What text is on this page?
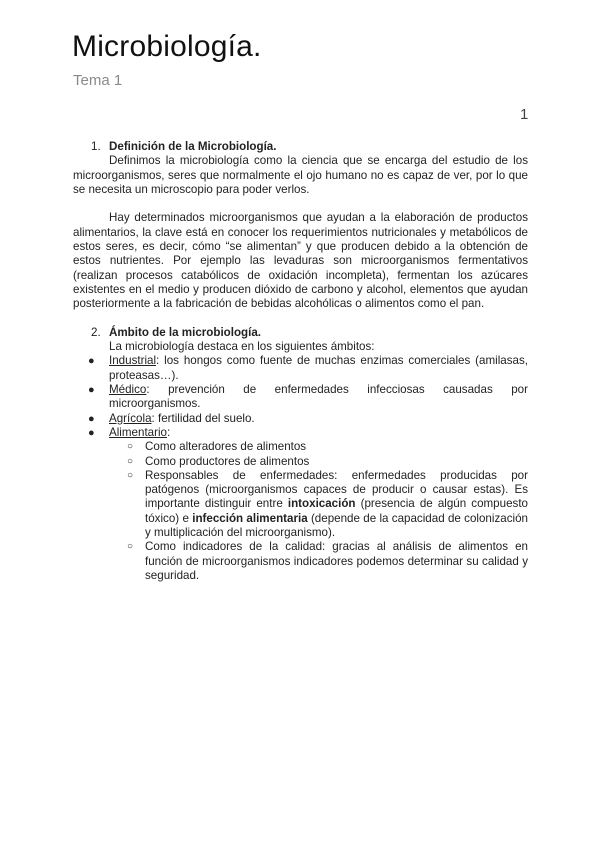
Microbiología.
Tema 1
1
1. Definición de la Microbiología.

Definimos la microbiología como la ciencia que se encarga del estudio de los microorganismos, seres que normalmente el ojo humano no es capaz de ver, por lo que se necesita un microscopio para poder verlos.

Hay determinados microorganismos que ayudan a la elaboración de productos alimentarios, la clave está en conocer los requerimientos nutricionales y metabólicos de estos seres, es decir, cómo “se alimentan” y que producen debido a la obtención de estos nutrientes. Por ejemplo las levaduras son microorganismos fermentativos (realizan procesos catabólicos de oxidación incompleta), fermentan los azúcares existentes en el medio y producen dióxido de carbono y alcohol, elementos que ayudan posteriormente a la fabricación de bebidas alcohólicas o alimentos como el pan.

2. Ámbito de la microbiología.

La microbiología destaca en los siguientes ámbitos:

● Industrial: los hongos como fuente de muchas enzimas comerciales (amilasas, proteasas…).
● Médico: prevención de enfermedades infecciosas causadas por microorganismos.
● Agrícola: fertilidad del suelo.
● Alimentario:
○ Como alteradores de alimentos
○ Como productores de alimentos
○ Responsables de enfermedades: enfermedades producidas por patógenos (microorganismos capaces de producir o causar estas). Es importante distinguir entre intoxicación (presencia de algún compuesto tóxico) e infección alimentaria (depende de la capacidad de colonización y multiplicación del microorganismo).
○ Como indicadores de la calidad: gracias al análisis de alimentos en función de microorganismos indicadores podemos determinar su calidad y seguridad.
